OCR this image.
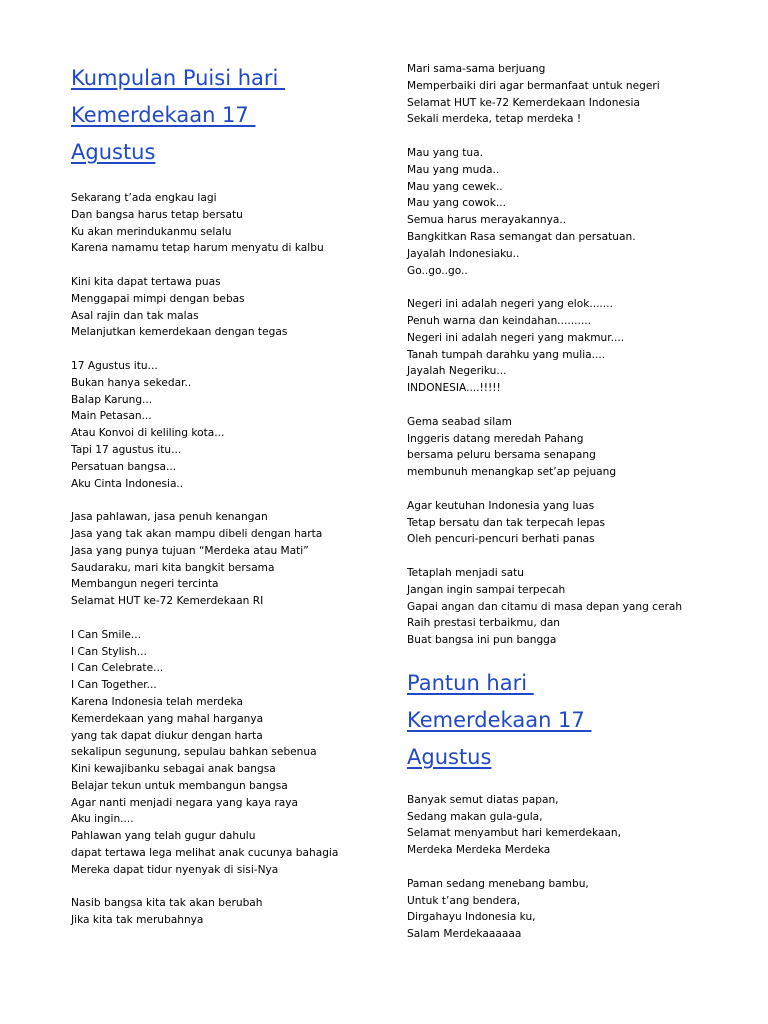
Kumpulan Puisi hari
Kemerdekaan 17
Agustus
Sekarang t’ada engkau lagi
Dan bangsa harus tetap bersatu
Ku akan merindukanmu selalu
Karena namamu tetap harum menyatu di kalbu
Kini kita dapat tertawa puas
Menggapai mimpi dengan bebas
Asal rajin dan tak malas
Melanjutkan kemerdekaan dengan tegas
17 Agustus itu...
Bukan hanya sekedar..
Balap Karung...
Main Petasan...
Atau Konvoi di keliling kota...
Tapi 17 agustus itu...
Persatuan bangsa...
Aku Cinta Indonesia..
Jasa pahlawan, jasa penuh kenangan
Jasa yang tak akan mampu dibeli dengan harta
Jasa yang punya tujuan “Merdeka atau Mati”
Saudaraku, mari kita bangkit bersama
Membangun negeri tercinta
Selamat HUT ke-72 Kemerdekaan RI
I Can Smile...
I Can Stylish...
I Can Celebrate...
I Can Together...
Karena Indonesia telah merdeka
Kemerdekaan yang mahal harganya
yang tak dapat diukur dengan harta
sekalipun segunung, sepulau bahkan sebenua
Kini kewajibanku sebagai anak bangsa
Belajar tekun untuk membangun bangsa
Agar nanti menjadi negara yang kaya raya
Aku ingin....
Pahlawan yang telah gugur dahulu
dapat tertawa lega melihat anak cucunya bahagia
Mereka dapat tidur nyenyak di sisi-Nya
Nasib bangsa kita tak akan berubah
Jika kita tak merubahnya
Mari sama-sama berjuang
Memperbaiki diri agar bermanfaat untuk negeri
Selamat HUT ke-72 Kemerdekaan Indonesia
Sekali merdeka, tetap merdeka !
Mau yang tua.
Mau yang muda..
Mau yang cewek..
Mau yang cowok...
Semua harus merayakannya..
Bangkitkan Rasa semangat dan persatuan.
Jayalah Indonesiaku..
Go..go..go..
Negeri ini adalah negeri yang elok.......
Penuh warna dan keindahan..........
Negeri ini adalah negeri yang makmur....
Tanah tumpah darahku yang mulia....
Jayalah Negeriku...
INDONESIA....!!!!!
Gema seabad silam
Inggeris datang meredah Pahang
bersama peluru bersama senapang
membunuh menangkap set’ap pejuang
Agar keutuhan Indonesia yang luas
Tetap bersatu dan tak terpecah lepas
Oleh pencuri-pencuri berhati panas
Tetaplah menjadi satu
Jangan ingin sampai terpecah
Gapai angan dan citamu di masa depan yang cerah
Raih prestasi terbaikmu, dan
Buat bangsa ini pun bangga
Pantun hari
Kemerdekaan 17
Agustus
Banyak semut diatas papan,
Sedang makan gula-gula,
Selamat menyambut hari kemerdekaan,
Merdeka Merdeka Merdeka
Paman sedang menebang bambu,
Untuk t’ang bendera,
Dirgahayu Indonesia ku,
Salam Merdekaaaaaa
